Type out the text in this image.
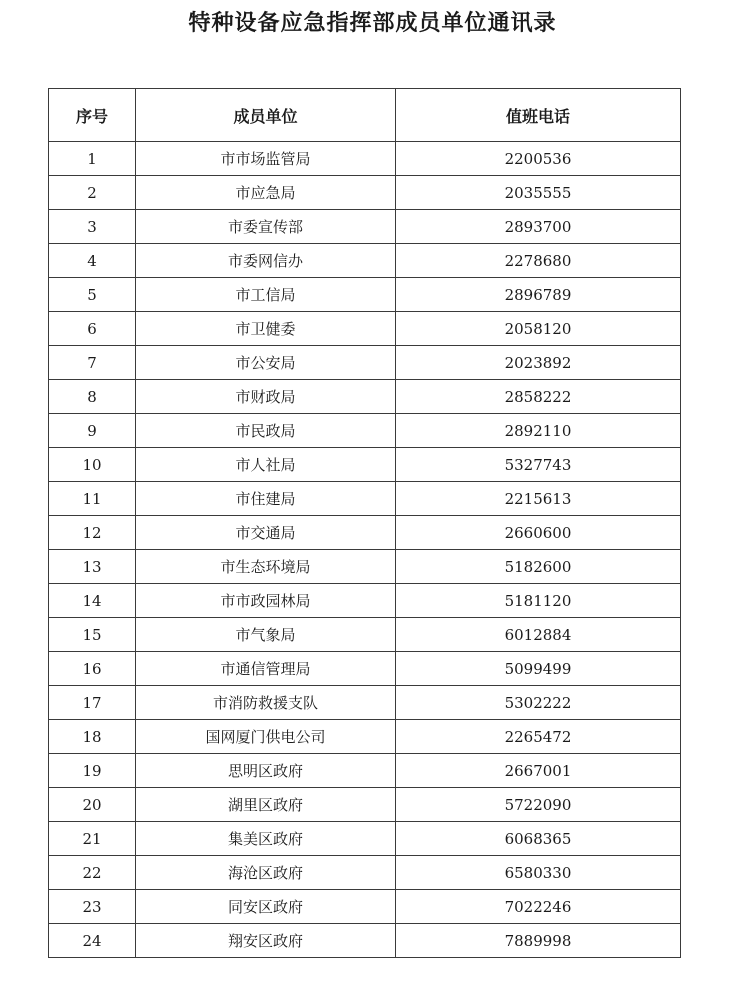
特种设备应急指挥部成员单位通讯录
序号	成员单位	值班电话
1	市市场监管局	2200536
2	市应急局	2035555
3	市委宣传部	2893700
4	市委网信办	2278680
5	市工信局	2896789
6	市卫健委	2058120
7	市公安局	2023892
8	市财政局	2858222
9	市民政局	2892110
10	市人社局	5327743
11	市住建局	2215613
12	市交通局	2660600
13	市生态环境局	5182600
14	市市政园林局	5181120
15	市气象局	6012884
16	市通信管理局	5099499
17	市消防救援支队	5302222
18	国网厦门供电公司	2265472
19	思明区政府	2667001
20	湖里区政府	5722090
21	集美区政府	6068365
22	海沧区政府	6580330
23	同安区政府	7022246
24	翔安区政府	7889998
